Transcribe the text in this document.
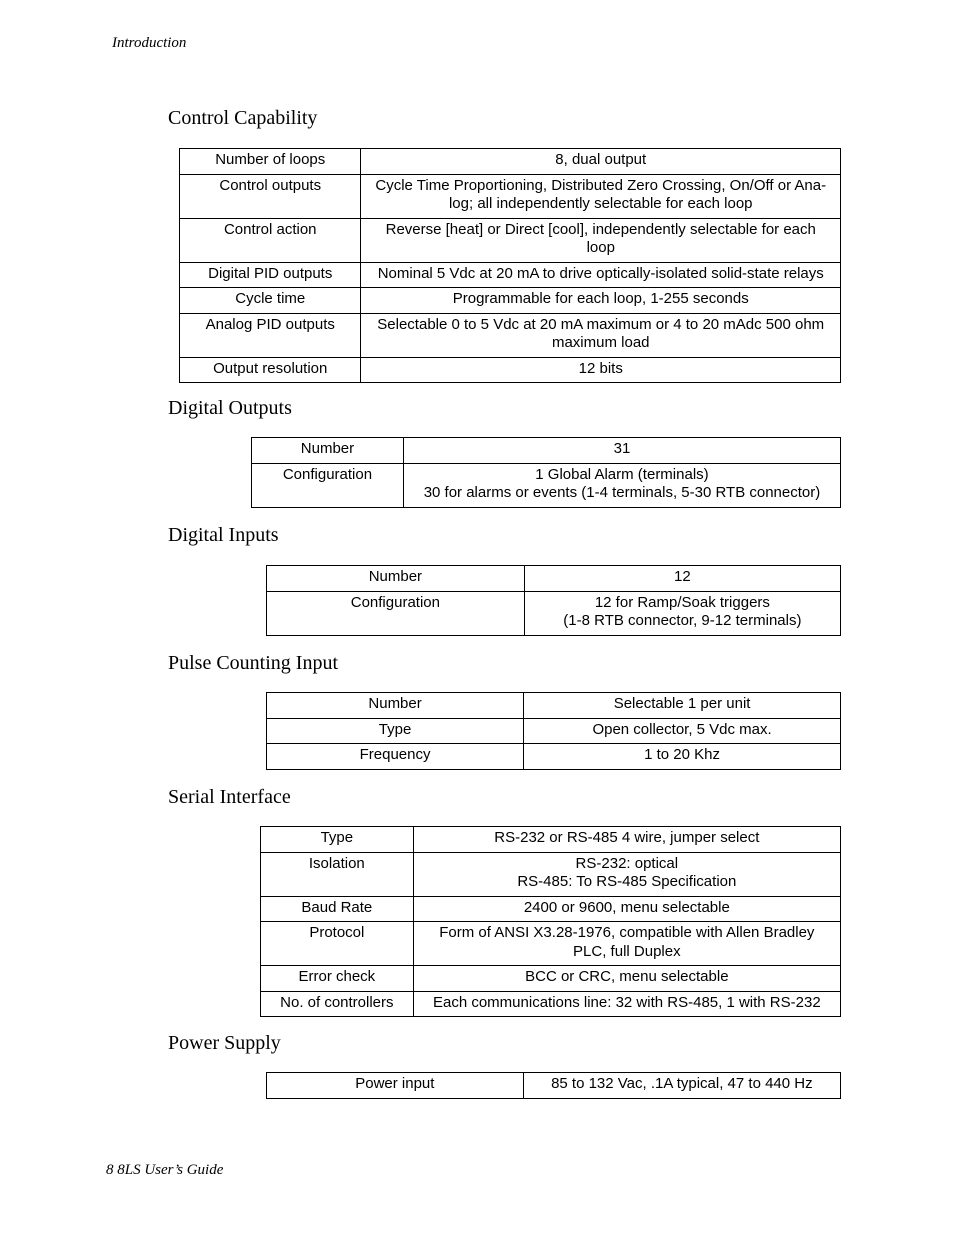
Introduction
Control Capability
Number of loops	8, dual output
Control outputs	Cycle Time Proportioning, Distributed Zero Crossing, On/Off or Ana-
log; all independently selectable for each loop
Control action	Reverse [heat] or Direct [cool], independently selectable for each
loop
Digital PID outputs	Nominal 5 Vdc at 20 mA to drive optically-isolated solid-state relays
Cycle time	Programmable for each loop, 1-255 seconds
Analog PID outputs	Selectable 0 to 5 Vdc at 20 mA maximum or 4 to 20 mAdc 500 ohm
maximum load
Output resolution	12 bits
Digital Outputs
Number	31
Configuration	1 Global Alarm (terminals)
30 for alarms or events (1-4 terminals, 5-30 RTB connector)
Digital Inputs
Number	12
Configuration	12 for Ramp/Soak triggers
(1-8 RTB connector, 9-12 terminals)
Pulse Counting Input
Number	Selectable 1 per unit
Type	Open collector, 5 Vdc max.
Frequency	1 to 20 Khz
Serial Interface
Type	RS-232 or RS-485 4 wire, jumper select
Isolation	RS-232: optical
RS-485: To RS-485 Specification
Baud Rate	2400 or 9600, menu selectable
Protocol	Form of ANSI X3.28-1976, compatible with Allen Bradley
PLC, full Duplex
Error check	BCC or CRC, menu selectable
No. of controllers	Each communications line: 32 with RS-485, 1 with RS-232
Power Supply
Power input	85 to 132 Vac, .1A typical, 47 to 440 Hz
8 8LS User’s Guide
